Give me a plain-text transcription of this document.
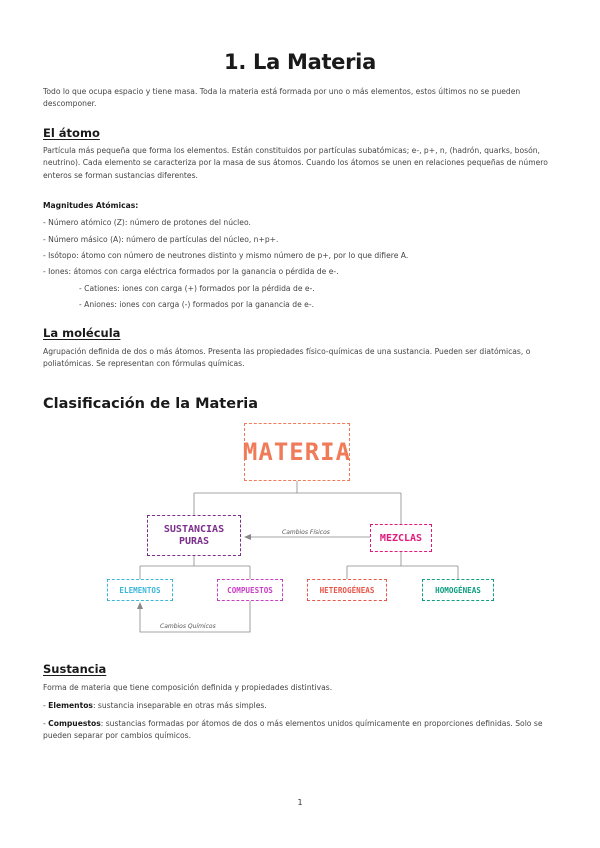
1. La Materia
Todo lo que ocupa espacio y tiene masa. Toda la materia está formada por uno o más elementos, estos últimos no se pueden descomponer.
El átomo
Partícula más pequeña que forma los elementos. Están constituidos por partículas subatómicas; e-, p+, n, (hadrón, quarks, bosón, neutrino). Cada elemento se caracteriza por la masa de sus átomos. Cuando los átomos se unen en relaciones pequeñas de número enteros se forman sustancias diferentes.
Magnitudes Atómicas:
- Número atómico (Z): número de protones del núcleo.
- Número másico (A): número de partículas del núcleo, n+p+.
- Isótopo: átomo con número de neutrones distinto y mismo número de p+, por lo que difiere A.
- Iones: átomos con carga eléctrica formados por la ganancia o pérdida de e-.
- Cationes: iones con carga (+) formados por la pérdida de e-.
- Aniones: iones con carga (-) formados por la ganancia de e-.
La molécula
Agrupación definida de dos o más átomos. Presenta las propiedades físico-químicas de una sustancia. Pueden ser diatómicas, o poliatómicas. Se representan con fórmulas químicas.
Clasificación de la Materia
MATERIA
SUSTANCIAS PURAS	MEZCLAS
ELEMENTOS	COMPUESTOS	HETEROGÉNEAS	HOMOGÉNEAS
Cambios Físicos
Cambios Químicos
Sustancia
Forma de materia que tiene composición definida y propiedades distintivas.
- Elementos: sustancia inseparable en otras más simples.
- Compuestos: sustancias formadas por átomos de dos o más elementos unidos químicamente en proporciones definidas. Solo se pueden separar por cambios químicos.
1
